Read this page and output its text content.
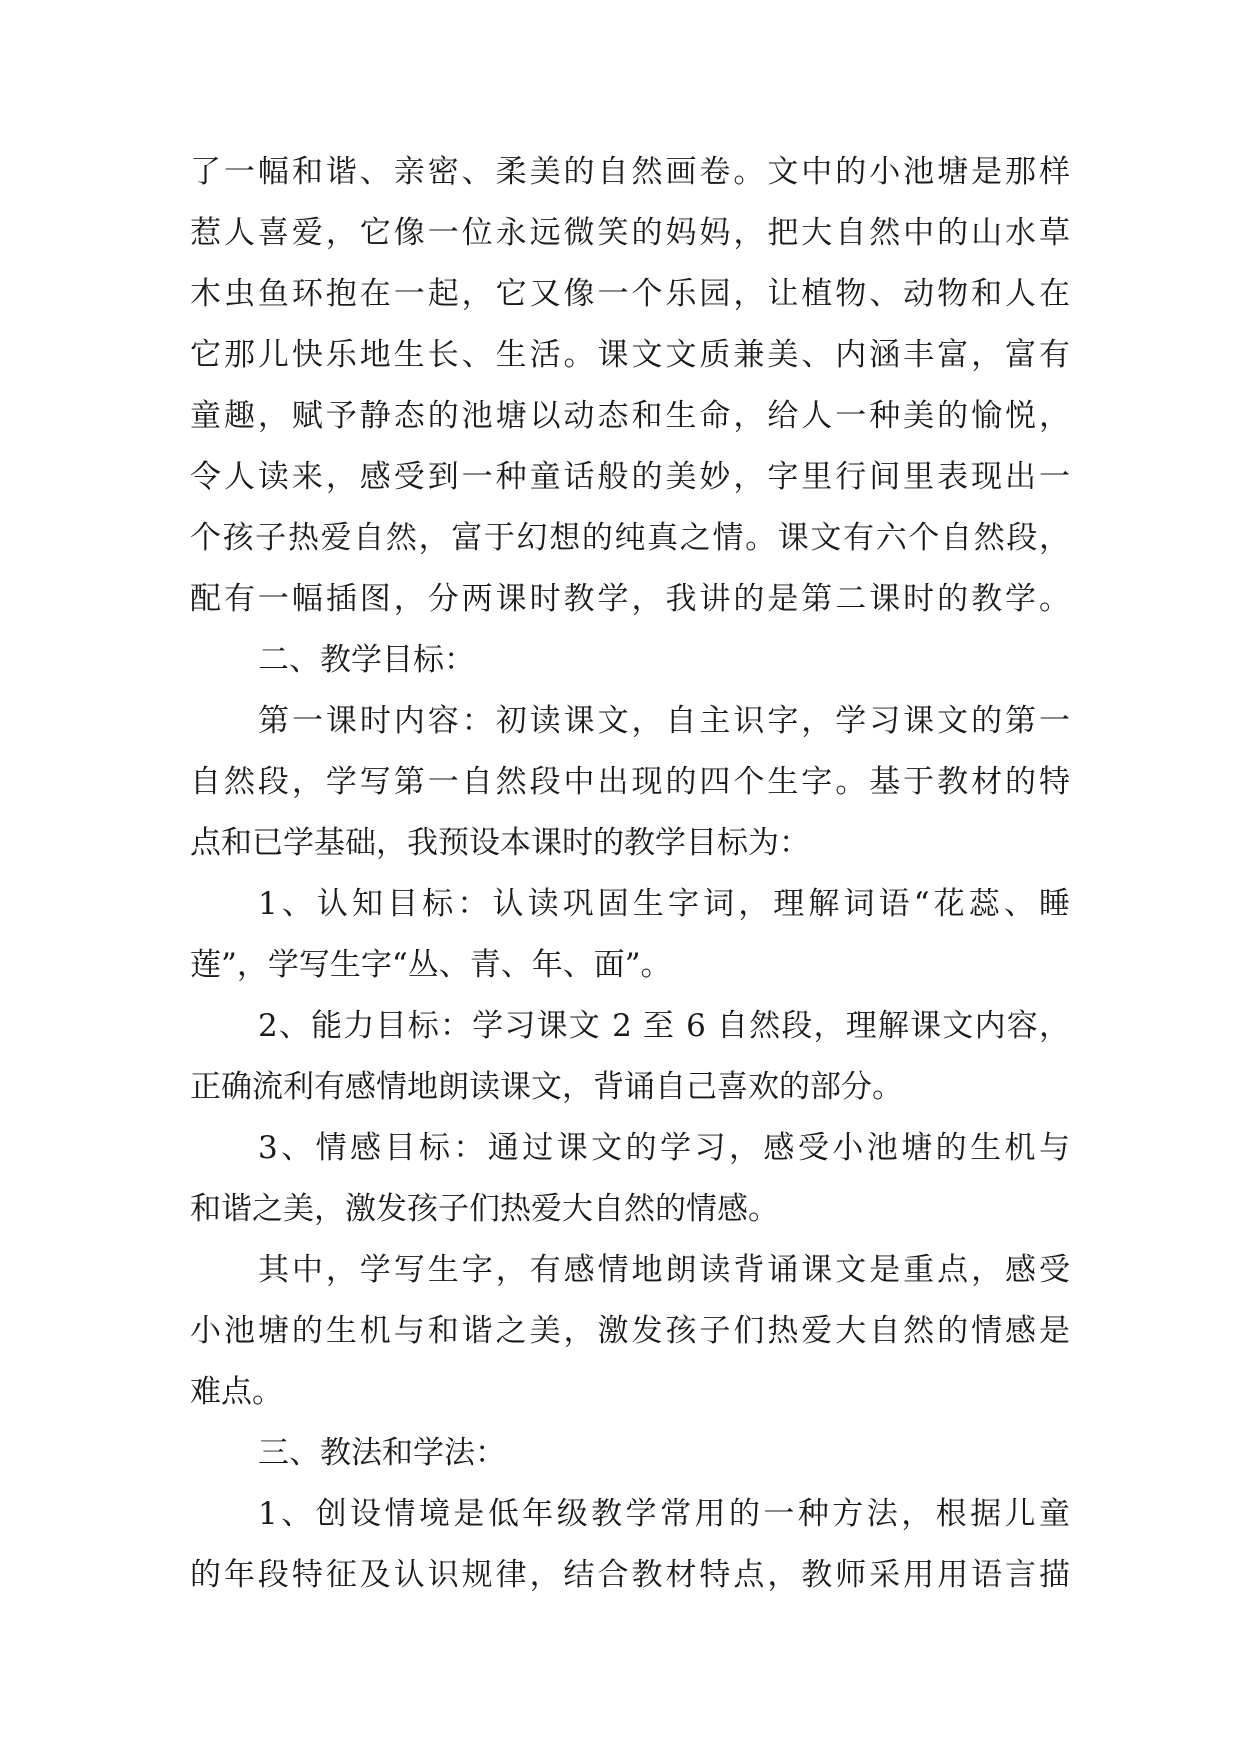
了一幅和谐、亲密、柔美的自然画卷。文中的小池塘是那样
惹人喜爱，它像一位永远微笑的妈妈，把大自然中的山水草
木虫鱼环抱在一起，它又像一个乐园，让植物、动物和人在
它那儿快乐地生长、生活。课文文质兼美、内涵丰富，富有
童趣，赋予静态的池塘以动态和生命，给人一种美的愉悦，
令人读来，感受到一种童话般的美妙，字里行间里表现出一
个孩子热爱自然，富于幻想的纯真之情。课文有六个自然段，
配有一幅插图，分两课时教学，我讲的是第二课时的教学。
二、教学目标：
第一课时内容：初读课文，自主识字，学习课文的第一
自然段，学写第一自然段中出现的四个生字。基于教材的特
点和已学基础，我预设本课时的教学目标为：
1、认知目标：认读巩固生字词，理解词语“花蕊、睡
莲”，学写生字“丛、青、年、面”。
2、能力目标：学习课文 2 至 6 自然段，理解课文内容，
正确流利有感情地朗读课文，背诵自己喜欢的部分。
3、情感目标：通过课文的学习，感受小池塘的生机与
和谐之美，激发孩子们热爱大自然的情感。
其中，学写生字，有感情地朗读背诵课文是重点，感受
小池塘的生机与和谐之美，激发孩子们热爱大自然的情感是
难点。
三、教法和学法：
1、创设情境是低年级教学常用的一种方法，根据儿童
的年段特征及认识规律，结合教材特点，教师采用用语言描
